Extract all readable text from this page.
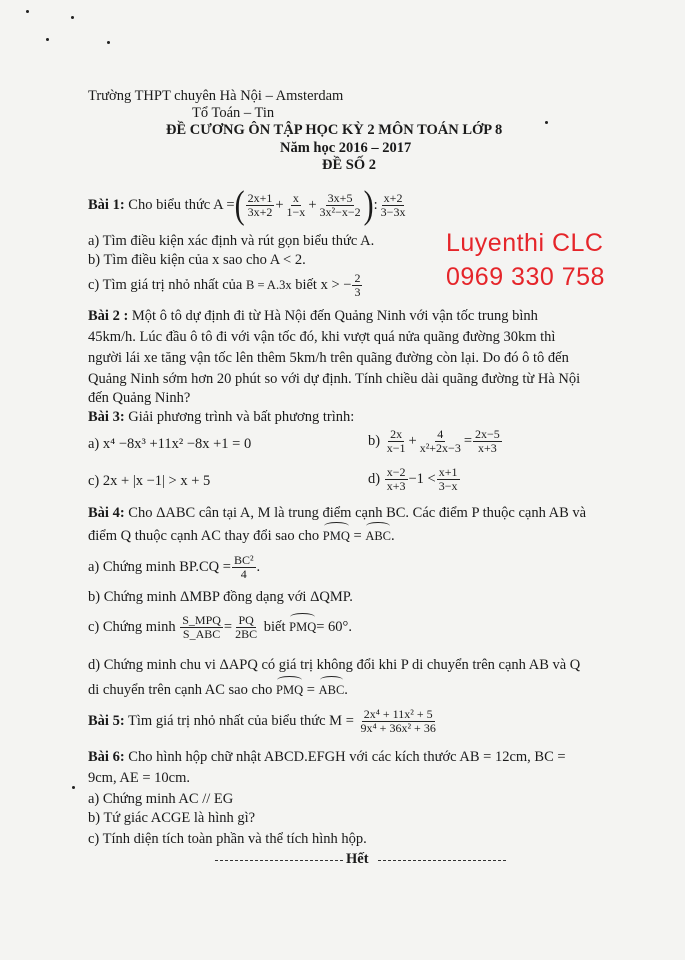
Trường THPT chuyên Hà Nội – Amsterdam
Tổ Toán – Tin
ĐỀ CƯƠNG ÔN TẬP HỌC KỲ 2 MÔN TOÁN LỚP 8
Năm học 2016 – 2017
ĐỀ SỐ 2
Luyenthi CLC
0969 330 758
Bài 1: Cho biểu thức A =( $\frac{2x+1}{3x+2} + \frac{x}{1-x} + \frac{3x+5}{\text{3x²−x−2}}$ ): $\frac{x+2}{3-3x}$
a) Tìm điều kiện xác định và rút gọn biểu thức A.
b) Tìm điều kiện của x sao cho A < 2.
c) Tìm giá trị nhỏ nhất của B = A.3x biết x > − $\frac{2}{3}$
Bài 2 : Một ô tô dự định đi từ Hà Nội đến Quảng Ninh với vận tốc trung bình
45km/h. Lúc đầu ô tô đi với vận tốc đó, khi vượt quá nửa quãng đường 30km thì
người lái xe tăng vận tốc lên thêm 5km/h trên quãng đường còn lại. Do đó ô tô đến
Quảng Ninh sớm hơn 20 phút so với dự định. Tính chiều dài quãng đường từ Hà Nội
đến Quảng Ninh?
Bài 3: Giải phương trình và bất phương trình:
a) x⁴ −8x³ +11x² −8x +1 = 0	$b) \frac{2x}{x-1} + \frac{4}{\text{x²+2x−3}} = \frac{2x-5}{x+3}$
c) 2x + |x −1| > x + 5	$d) \frac{x-2}{x+3} -1 < \frac{x+1}{3-x}$
Bài 4: Cho ΔABC cân tại A, M là trung điểm cạnh BC. Các điểm P thuộc cạnh AB và
điểm Q thuộc cạnh AC thay đổi sao cho PMQ = ABC.
a) Chứng minh $BP.CQ = \frac{\text{BC²}}{4}$ .
b) Chứng minh ΔMBP đồng dạng với ΔQMP.
c) Chứng minh $\frac{\text{S\_MPQ}}{\text{S\_ABC}} = \frac{PQ}{2BC}$ biết PMQ= 60°.
d) Chứng minh chu vi ΔAPQ có giá trị không đổi khi P di chuyển trên cạnh AB và Q
di chuyển trên cạnh AC sao cho PMQ = ABC.
Bài 5: Tìm giá trị nhỏ nhất của biểu thức $M = \frac{\text{2x⁴ + 11x² + 5}}{\text{9x⁴ + 36x² + 36}}$
Bài 6: Cho hình hộp chữ nhật ABCD.EFGH với các kích thước AB = 12cm, BC =
9cm, AE = 10cm.
a) Chứng minh AC // EG
b) Tứ giác ACGE là hình gì?
c) Tính diện tích toàn phần và thể tích hình hộp.
Hết
